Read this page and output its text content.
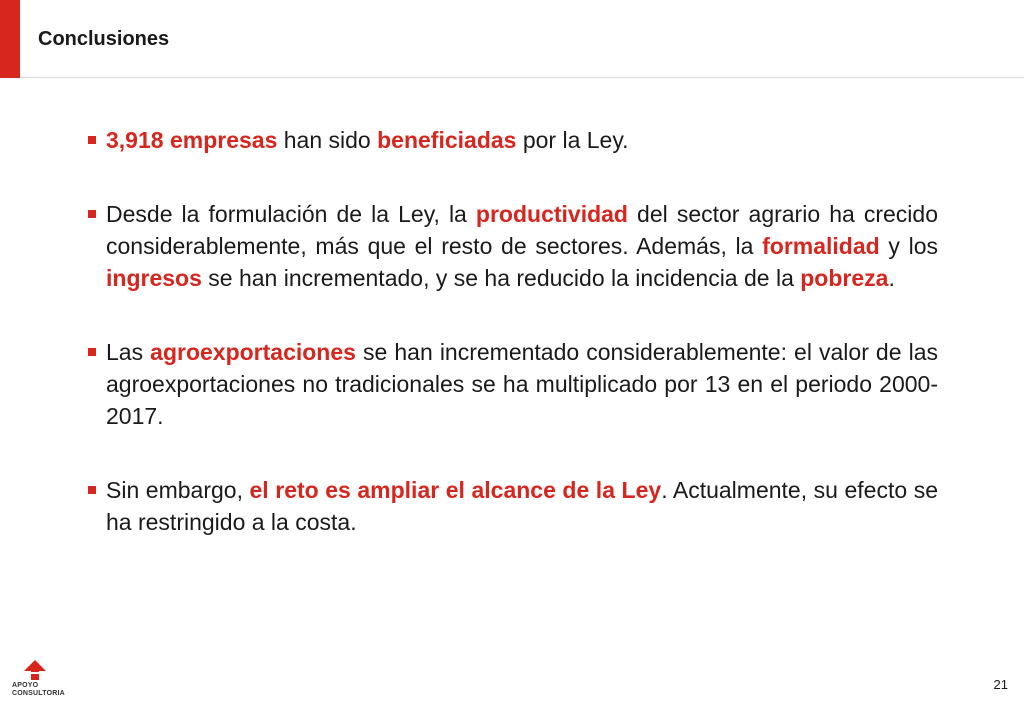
Conclusiones
3,918 empresas han sido beneficiadas por la Ley.
Desde la formulación de la Ley, la productividad del sector agrario ha crecido considerablemente, más que el resto de sectores. Además, la formalidad y los ingresos se han incrementado, y se ha reducido la incidencia de la pobreza.
Las agroexportaciones se han incrementado considerablemente: el valor de las agroexportaciones no tradicionales se ha multiplicado por 13 en el periodo 2000-2017.
Sin embargo, el reto es ampliar el alcance de la Ley. Actualmente, su efecto se ha restringido a la costa.
APOYO
CONSULTORIA
21
